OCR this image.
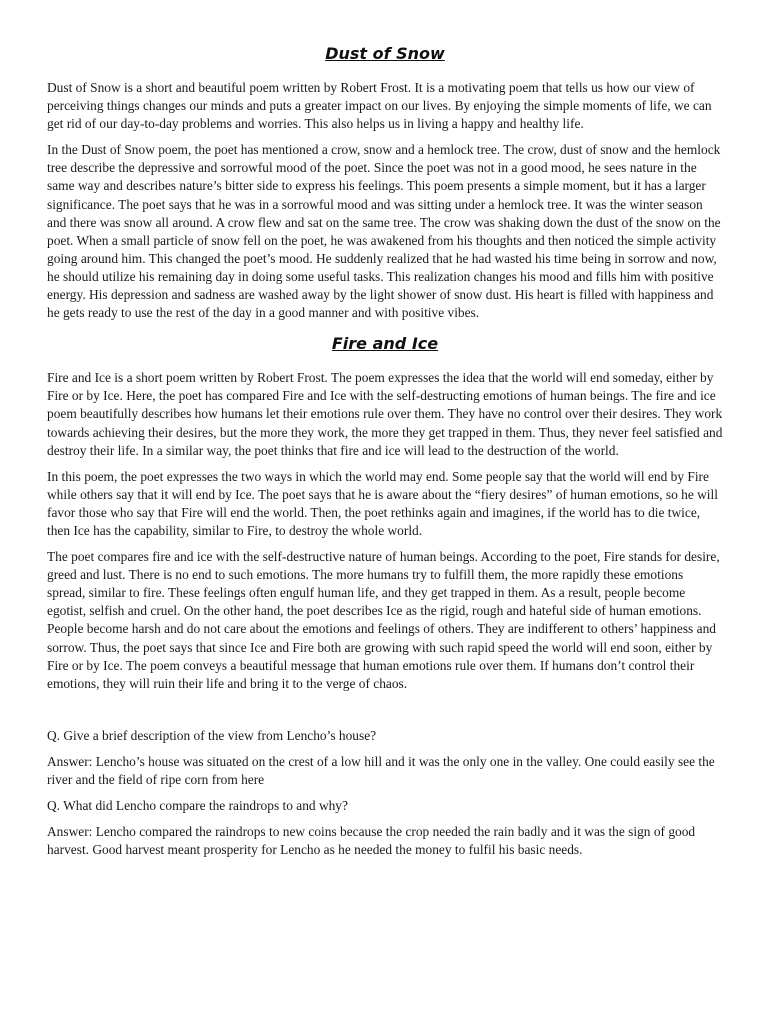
Dust of Snow

Dust of Snow is a short and beautiful poem written by Robert Frost. It is a motivating poem that tells us how our view of perceiving things changes our minds and puts a greater impact on our lives. By enjoying the simple moments of life, we can get rid of our day-to-day problems and worries. This also helps us in living a happy and healthy life.

In the Dust of Snow poem, the poet has mentioned a crow, snow and a hemlock tree. The crow, dust of snow and the hemlock tree describe the depressive and sorrowful mood of the poet. Since the poet was not in a good mood, he sees nature in the same way and describes nature’s bitter side to express his feelings. This poem presents a simple moment, but it has a larger significance. The poet says that he was in a sorrowful mood and was sitting under a hemlock tree. It was the winter season and there was snow all around. A crow flew and sat on the same tree. The crow was shaking down the dust of the snow on the poet. When a small particle of snow fell on the poet, he was awakened from his thoughts and then noticed the simple activity going around him. This changed the poet’s mood. He suddenly realized that he had wasted his time being in sorrow and now, he should utilize his remaining day in doing some useful tasks. This realization changes his mood and fills him with positive energy. His depression and sadness are washed away by the light shower of snow dust. His heart is filled with happiness and he gets ready to use the rest of the day in a good manner and with positive vibes.

Fire and Ice

Fire and Ice is a short poem written by Robert Frost. The poem expresses the idea that the world will end someday, either by Fire or by Ice. Here, the poet has compared Fire and Ice with the self-destructing emotions of human beings. The fire and ice poem beautifully describes how humans let their emotions rule over them. They have no control over their desires. They work towards achieving their desires, but the more they work, the more they get trapped in them. Thus, they never feel satisfied and destroy their life. In a similar way, the poet thinks that fire and ice will lead to the destruction of the world.

In this poem, the poet expresses the two ways in which the world may end. Some people say that the world will end by Fire while others say that it will end by Ice. The poet says that he is aware about the “fiery desires” of human emotions, so he will favor those who say that Fire will end the world. Then, the poet rethinks again and imagines, if the world has to die twice, then Ice has the capability, similar to Fire, to destroy the whole world.

The poet compares fire and ice with the self-destructive nature of human beings. According to the poet, Fire stands for desire, greed and lust. There is no end to such emotions. The more humans try to fulfill them, the more rapidly these emotions spread, similar to fire. These feelings often engulf human life, and they get trapped in them. As a result, people become egotist, selfish and cruel. On the other hand, the poet describes Ice as the rigid, rough and hateful side of human emotions. People become harsh and do not care about the emotions and feelings of others. They are indifferent to others’ happiness and sorrow. Thus, the poet says that since Ice and Fire both are growing with such rapid speed the world will end soon, either by Fire or by Ice. The poem conveys a beautiful message that human emotions rule over them. If humans don’t control their emotions, they will ruin their life and bring it to the verge of chaos.

Q. Give a brief description of the view from Lencho’s house?

Answer: Lencho’s house was situated on the crest of a low hill and it was the only one in the valley. One could easily see the river and the field of ripe corn from here

Q. What did Lencho compare the raindrops to and why?

Answer: Lencho compared the raindrops to new coins because the crop needed the rain badly and it was the sign of good harvest. Good harvest meant prosperity for Lencho as he needed the money to fulfil his basic needs.
